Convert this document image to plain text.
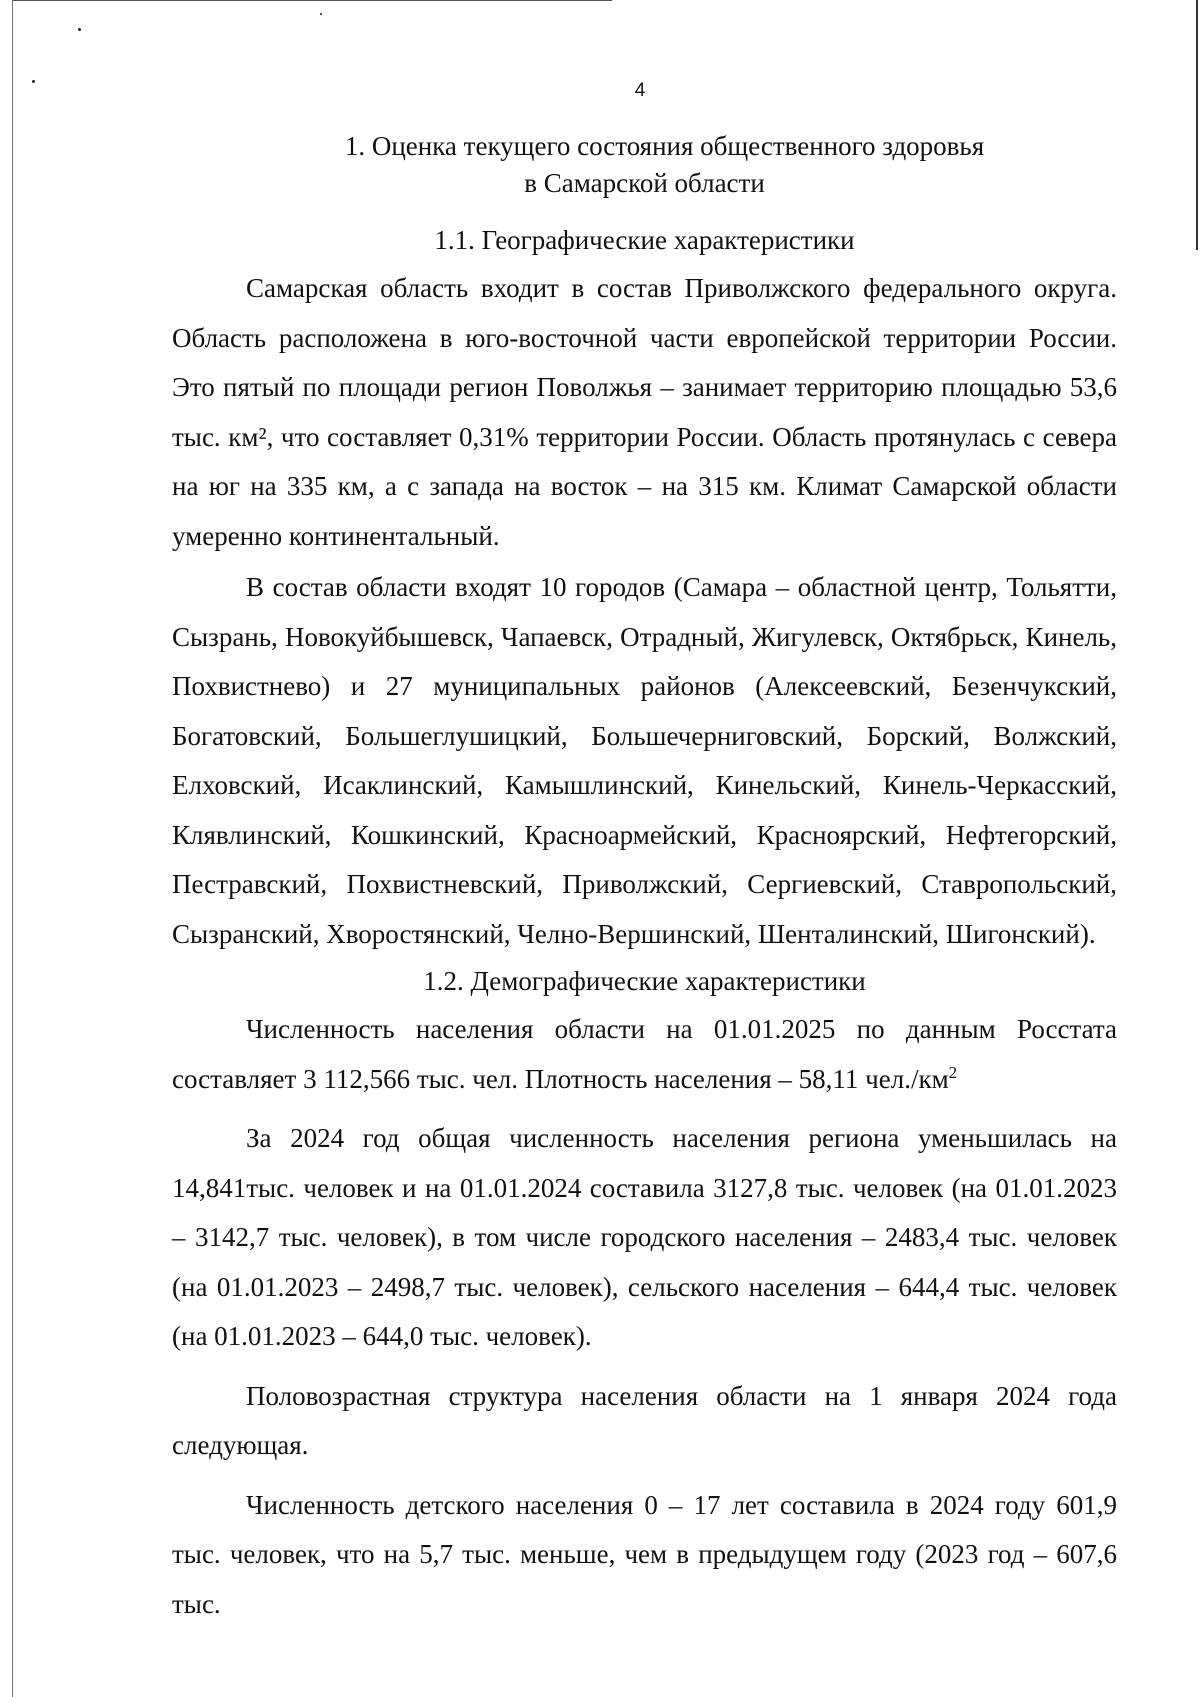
4
1. Оценка текущего состояния общественного здоровья
в Самарской области
1.1. Географические характеристики

Самарская область входит в состав Приволжского федерального округа. Область расположена в юго-восточной части европейской территории России. Это пятый по площади регион Поволжья – занимает территорию площадью 53,6 тыс. км², что составляет 0,31% территории России. Область протянулась с севера на юг на 335 км, а с запада на восток – на 315 км. Климат Самарской области умеренно континентальный.

В состав области входят 10 городов (Самара – областной центр, Тольятти, Сызрань, Новокуйбышевск, Чапаевск, Отрадный, Жигулевск, Октябрьск, Кинель, Похвистнево) и 27 муниципальных районов (Алексеевский, Безенчукский, Богатовский, Большеглушицкий, Большечерниговский, Борский, Волжский, Елховский, Исаклинский, Камышлинский, Кинельский, Кинель-Черкасский, Клявлинский, Кошкинский, Красноармейский, Красноярский, Нефтегорский, Пестравский, Похвистневский, Приволжский, Сергиевский, Ставропольский, Сызранский, Хворостянский, Челно-Вершинский, Шенталинский, Шигонский).

1.2. Демографические характеристики

Численность населения области на 01.01.2025 по данным Росстата составляет 3 112,566 тыс. чел. Плотность населения – 58,11 $чел./км^2$

За 2024 год общая численность населения региона уменьшилась на 14,841тыс. человек и на 01.01.2024 составила 3127,8 тыс. человек (на 01.01.2023 – 3142,7 тыс. человек), в том числе городского населения – 2483,4 тыс. человек (на 01.01.2023 – 2498,7 тыс. человек), сельского населения – 644,4 тыс. человек (на 01.01.2023 – 644,0 тыс. человек).

Половозрастная структура населения области на 1 января 2024 года следующая.

Численность детского населения 0 – 17 лет составила в 2024 году 601,9 тыс. человек, что на 5,7 тыс. меньше, чем в предыдущем году (2023 год – 607,6 тыс.
